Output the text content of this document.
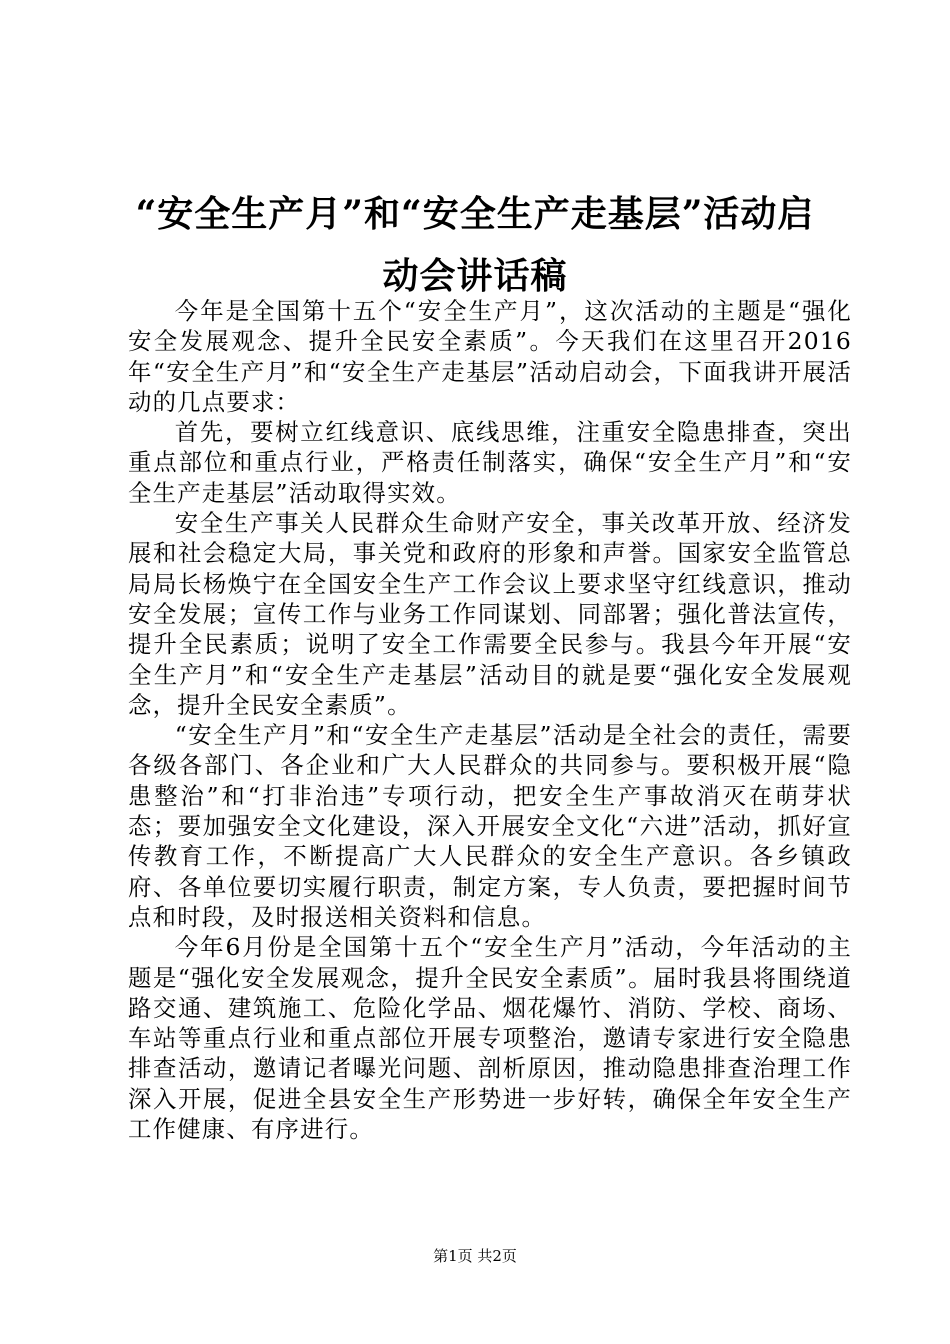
“安全生产月”和“安全生产走基层”活动启
动会讲话稿

今年是全国第十五个“安全生产月”，这次活动的主题是“强化安全发展观念、提升全民安全素质”。今天我们在这里召开2016年“安全生产月”和“安全生产走基层”活动启动会，下面我讲开展活动的几点要求：

首先，要树立红线意识、底线思维，注重安全隐患排查，突出重点部位和重点行业，严格责任制落实，确保“安全生产月”和“安全生产走基层”活动取得实效。

安全生产事关人民群众生命财产安全，事关改革开放、经济发展和社会稳定大局，事关党和政府的形象和声誉。国家安全监管总局局长杨焕宁在全国安全生产工作会议上要求坚守红线意识，推动安全发展；宣传工作与业务工作同谋划、同部署；强化普法宣传，提升全民素质；说明了安全工作需要全民参与。我县今年开展“安全生产月”和“安全生产走基层”活动目的就是要“强化安全发展观念，提升全民安全素质”。

“安全生产月”和“安全生产走基层”活动是全社会的责任，需要各级各部门、各企业和广大人民群众的共同参与。要积极开展“隐患整治”和“打非治违”专项行动，把安全生产事故消灭在萌芽状态；要加强安全文化建设，深入开展安全文化“六进”活动，抓好宣传教育工作，不断提高广大人民群众的安全生产意识。各乡镇政府、各单位要切实履行职责，制定方案，专人负责，要把握时间节点和时段，及时报送相关资料和信息。

今年6月份是全国第十五个“安全生产月”活动，今年活动的主题是“强化安全发展观念，提升全民安全素质”。届时我县将围绕道路交通、建筑施工、危险化学品、烟花爆竹、消防、学校、商场、车站等重点行业和重点部位开展专项整治，邀请专家进行安全隐患排查活动，邀请记者曝光问题、剖析原因，推动隐患排查治理工作深入开展，促进全县安全生产形势进一步好转，确保全年安全生产工作健康、有序进行。

第1页 共2页
